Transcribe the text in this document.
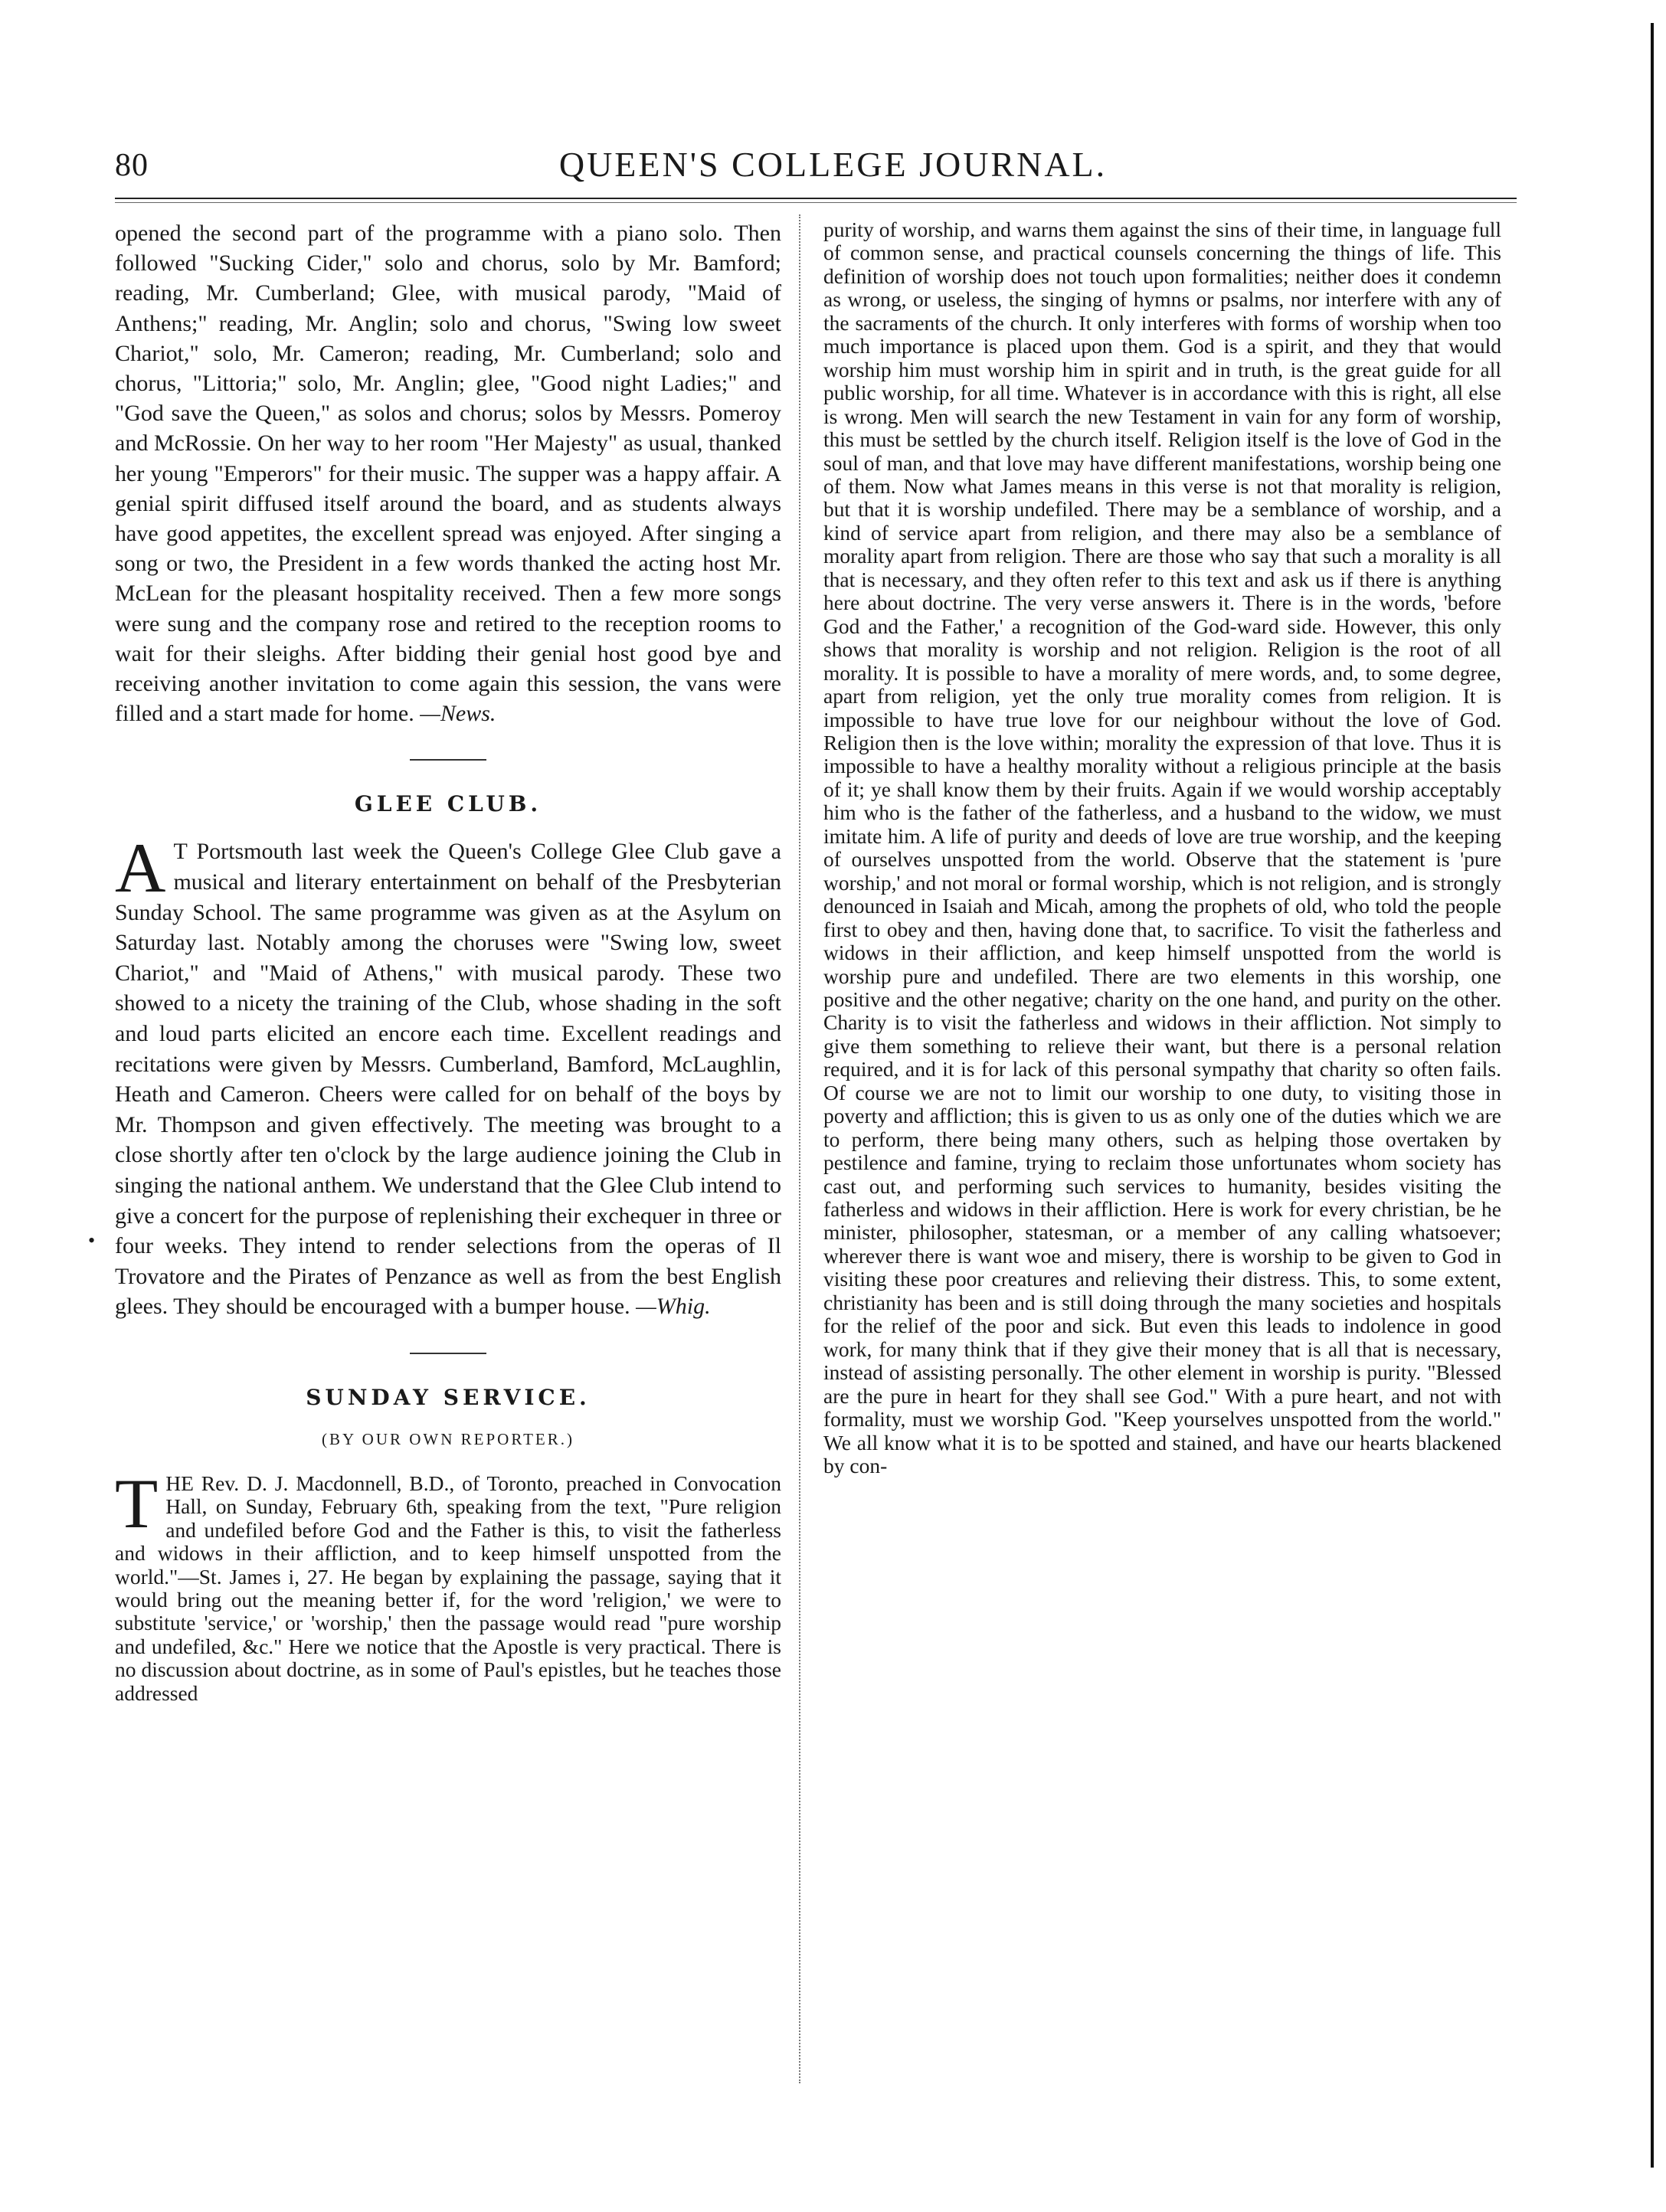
80	QUEEN'S COLLEGE JOURNAL.
•

opened the second part of the programme with a piano solo. Then followed "Sucking Cider," solo and chorus, solo by Mr. Bamford; reading, Mr. Cumberland; Glee, with musical parody, "Maid of Anthens;" reading, Mr. Anglin; solo and chorus, "Swing low sweet Chariot," solo, Mr. Cameron; reading, Mr. Cumberland; solo and chorus, "Littoria;" solo, Mr. Anglin; glee, "Good night Ladies;" and "God save the Queen," as solos and chorus; solos by Messrs. Pomeroy and McRossie. On her way to her room "Her Majesty" as usual, thanked her young "Emperors" for their music. The supper was a happy affair. A genial spirit diffused itself around the board, and as students always have good appetites, the excellent spread was enjoyed. After singing a song or two, the President in a few words thanked the acting host Mr. McLean for the pleasant hospitality received. Then a few more songs were sung and the company rose and retired to the reception rooms to wait for their sleighs. After bidding their genial host good bye and receiving another invitation to come again this session, the vans were filled and a start made for home. —News.

GLEE CLUB.

A T Portsmouth last week the Queen's College Glee Club gave a musical and literary entertainment on behalf of the Presbyterian Sunday School. The same programme was given as at the Asylum on Saturday last. Notably among the choruses were "Swing low, sweet Chariot," and "Maid of Athens," with musical parody. These two showed to a nicety the training of the Club, whose shading in the soft and loud parts elicited an encore each time. Excellent readings and recitations were given by Messrs. Cumberland, Bamford, McLaughlin, Heath and Cameron. Cheers were called for on behalf of the boys by Mr. Thompson and given effectively. The meeting was brought to a close shortly after ten o'clock by the large audience joining the Club in singing the national anthem. We understand that the Glee Club intend to give a concert for the purpose of replenishing their exchequer in three or four weeks. They intend to render selections from the operas of Il Trovatore and the Pirates of Penzance as well as from the best English glees. They should be encouraged with a bumper house. —Whig.

SUNDAY SERVICE.
(BY OUR OWN REPORTER.)

THE Rev. D. J. Macdonnell, B.D., of Toronto, preached in Convocation Hall, on Sunday, February 6th, speaking from the text, "Pure religion and undefiled before God and the Father is this, to visit the fatherless and widows in their affliction, and to keep himself unspotted from the world."—St. James i, 27. He began by explaining the passage, saying that it would bring out the meaning better if, for the word 'religion,' we were to substitute 'service,' or 'worship,' then the passage would read "pure worship and undefiled, &c." Here we notice that the Apostle is very practical. There is no discussion about doctrine, as in some of Paul's epistles, but he teaches those addressed

purity of worship, and warns them against the sins of their time, in language full of common sense, and practical counsels concerning the things of life. This definition of worship does not touch upon formalities; neither does it condemn as wrong, or useless, the singing of hymns or psalms, nor interfere with any of the sacraments of the church. It only interferes with forms of worship when too much importance is placed upon them. God is a spirit, and they that would worship him must worship him in spirit and in truth, is the great guide for all public worship, for all time. Whatever is in accordance with this is right, all else is wrong. Men will search the new Testament in vain for any form of worship, this must be settled by the church itself. Religion itself is the love of God in the soul of man, and that love may have different manifestations, worship being one of them. Now what James means in this verse is not that morality is religion, but that it is worship undefiled. There may be a semblance of worship, and a kind of service apart from religion, and there may also be a semblance of morality apart from religion. There are those who say that such a morality is all that is necessary, and they often refer to this text and ask us if there is anything here about doctrine. The very verse answers it. There is in the words, 'before God and the Father,' a recognition of the God-ward side. However, this only shows that morality is worship and not religion. Religion is the root of all morality. It is possible to have a morality of mere words, and, to some degree, apart from religion, yet the only true morality comes from religion. It is impossible to have true love for our neighbour without the love of God. Religion then is the love within; morality the expression of that love. Thus it is impossible to have a healthy morality without a religious principle at the basis of it; ye shall know them by their fruits. Again if we would worship acceptably him who is the father of the fatherless, and a husband to the widow, we must imitate him. A life of purity and deeds of love are true worship, and the keeping of ourselves unspotted from the world. Observe that the statement is 'pure worship,' and not moral or formal worship, which is not religion, and is strongly denounced in Isaiah and Micah, among the prophets of old, who told the people first to obey and then, having done that, to sacrifice. To visit the fatherless and widows in their affliction, and keep himself unspotted from the world is worship pure and undefiled. There are two elements in this worship, one positive and the other negative; charity on the one hand, and purity on the other. Charity is to visit the fatherless and widows in their affliction. Not simply to give them something to relieve their want, but there is a personal relation required, and it is for lack of this personal sympathy that charity so often fails. Of course we are not to limit our worship to one duty, to visiting those in poverty and affliction; this is given to us as only one of the duties which we are to perform, there being many others, such as helping those overtaken by pestilence and famine, trying to reclaim those unfortunates whom society has cast out, and performing such services to humanity, besides visiting the fatherless and widows in their affliction. Here is work for every christian, be he minister, philosopher, statesman, or a member of any calling whatsoever; wherever there is want woe and misery, there is worship to be given to God in visiting these poor creatures and relieving their distress. This, to some extent, christianity has been and is still doing through the many societies and hospitals for the relief of the poor and sick. But even this leads to indolence in good work, for many think that if they give their money that is all that is necessary, instead of assisting personally. The other element in worship is purity. "Blessed are the pure in heart for they shall see God." With a pure heart, and not with formality, must we worship God. "Keep yourselves unspotted from the world." We all know what it is to be spotted and stained, and have our hearts blackened by con-
